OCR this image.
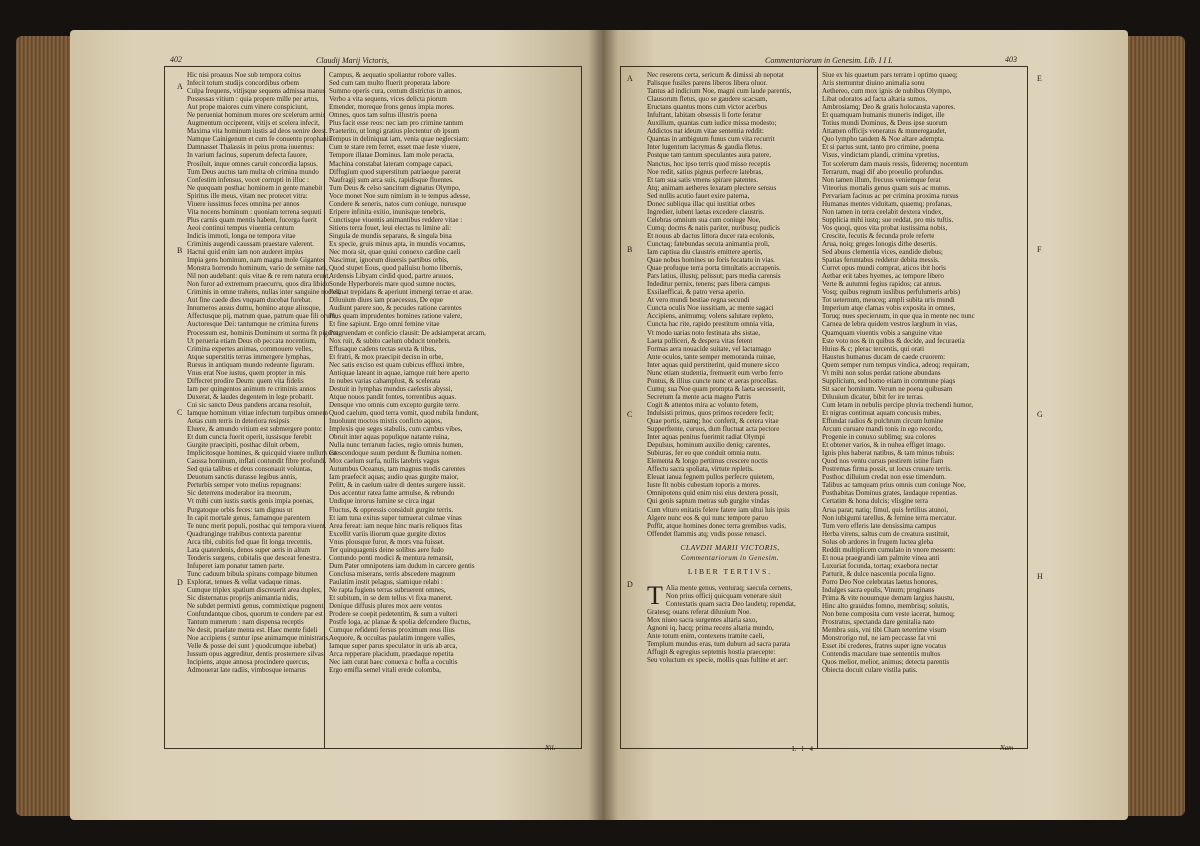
402	Claudij Marij Victoris,	Commentariorum in Genesim. Lib. I I I.	403
A
B
C
D
A
B
C
D
E
F
G
H
Hic nisi proauus Noe sub tempora coitus
Infecit totum studijs concordibus orbem
Culpa frequens, vitijsque sequens admissa manus
Possessas vitium : quia propere mille per artus,
Aut prope maiores cum vinere conspiciunt,
Ne perueniat hominum mores ore scelerum armis
Augmentum occiperent, vitijs et scelera infecit,
Maxima vita hominum iustis ad deos uenire deest.
Namque Cainigenum et cum fe conuentu prophanis
Damnasset Thalassis in peius prona iuuentus:
In varium facinus, superum defecta fauore,
Prosiluit, inque omnes caruit concordia lapsus.
Tum Deus auctus tam multa ob crimina mundo
Confestim infensus, vocet corrupti in illuc :
Ne quequam posthac hominem in gente manebit
Spiritus ille meus, vitam nec protecet vitra:
Viuere iussimus feces omnina per annos
Vita nocens hominum : quoniam terrena sequuti
Plus carnis quam mentis habent, fucerga fuerit
Aeoi continui tempus viuentia centum
Indicis immoti, longa ne tempora vitae
Criminis augendi caussam praestare valerent.
Hactui quid enim iam non auderet impius
Impia gens hominum, nam magna mole Gigantes
Monstra horrendo hominum, vario de semine nati,
Nil non audebant: quis vitae & re rem natura erunt,
Non furor ad extremum praecurru, quos dira libido
Criminis in omne trahens, nullas inter sanguine noctes,
Aut fine caede dies vnquam ducebat furebat.
Innumeros ausus dumu, homino atque aliusque,
Affectusque pij, matrum quae, patrum quae fili orum,
Auctoresque Dei: tantumque ne crimina furens
Processum est, hominis Dominum ut sorma fit pigeret,
Ut perueria etiam Deus ob peccata nocentium,
Crimina expertes animas, commouere velles,
Atque superstitis terras immergere lymphas,
Rursus in antiquam mundo redeunte figuram.
Vnus erat Noe iustus, quem propter in mis
Diffecret prodire Deum: quem vita fidelis
Iam per quingentos animum re criminis annos
Duxerat, & laudes degentem in lege probarit.
Cui sic sancto Deus pandens arcana resoluit,
Iamque hominum vitiae infectum turpibus omnem
Aetas cum terris in deteriora resipsis
Eluere, & amundo vitium est submergere ponto:
Et dum cuncta fuerit operit, iussisque ferebit
Gurgite praecipiti, posthac diluit orbem,
Implicitosque homines, & quicquid viuere nullum est
Caussa hominum, inflati contundit fibre profundi.
Sed quia talibus et deus consonauit voluntas,
Deuotum sanctis durasse legibus annis,
Perturbis semper voto melius repugnans:
Sic deterrens moderabor ira meorum,
Vt mihi cum iustis suetis genis impia poenas,
Purgatoque orbis feces: tam dignus ut
In capit mortale genus, famamque parentem
Te nunc merit populi, posthac qui tempora viuent.
Quadranginge trabibus contexta parentur
Arca tibi, cubitis fed quae fit longa trecentis,
Lata quaterdenis, denos super aeris in altum
Tenderis surgens, cubitalis que desceat fenestra.
Infuperet iam ponatur tamen parte.
Tunc caduum bibula spirans compage bitumen
Explorat, tenues & vellat vadaque rimas.
Cumque triplex spatium discreuerit area duplex,
Sic disternatus proprijs animantia nidis,
Ne subdet permixti genus, commixtique pugnent,
Confundantque cibos, quorum te condere par est
Tantum numerum : nam dispensa receptis
Ne desit, praelate menta est. Haec mente fideli
Noe accipiens ( suntur ipse animamque ministrans,
Velle & posse dei sunt ) quodcumque iubebat)
Iussum opus aggreditur, dentis prosternere silvas
Incipiens, atque annosa procindere quercus,
Admouerat late radiis, vimbosque iemarus
Campus, & aequatio spoliantur robore valles.
Sed cum tam multo fluerit properata labore
Summo operis cura, centum districtus in annos,
Verbo a vita sequens, vices delicta piorum
Emender, moreque frons genus impia mores.
Omnes, quos tam sultus illustris poena
Plus facit esse reos: nec iam pro crimine tantum
Praeterito, ut longi gratius plectentur ob ipsum
Tempus in deliniquat iam, venia quae neglecsiam:
Cum te stare rem ferret, esset mae feste viuere,
Tempore illatae Dominus. Iam mole peracta,
Machina constabat lateram compage capaci,
Diffugium quod superstitum patriaeque parerat
Naufragij sum arca suis, rapidisque fluentes.
Tum Deus & celso sancitum dignatus Olympo,
Voce monet Noe sum nimium in te tempus adesse,
Condere & seneris, natos cum coniuge, nurusque
Eripere infinita exitio, inunisque tenebris,
Cunctisque viuentis animantibus reddere vitae :
Sitiens terra fouet, leui electas tu limine ali:
Singula de mundis separans, & singula bina
Ex specie, gruis minus apta, in mundis vocamus,
Nec mora sit, quae quiui conuexo cardine caeli
Nascimur, ignorum diuersis partibus orbis,
Quod stupet Eous, quod palluisu homo libernis,
Ardensis Libyam cirdid quod, partre aruuos,
Sonde Hyperboreis mare quod sumne noctes,
Fellnat trepidans & aperiunt immergi terrae et arae.
Diluuium diues iam praecessus, De eque
Audiunt parere suo, & pecudes ratione carentes
Plus quam imprudentes homines ratione valere,
Et fine sapiunt. Ergo omni femine vitae
Pragruendam et conficio clausit: De adsiamperat arcam,
Nox ruit, & subito caelum obducit tenebris.
Effusaque cadens tectas sexta & tibus,
Et fratri, & mox praecipit decisu in orbe,
Nec satis exciso est quam cubicus effluxi imbre,
Antiquae lateant in aquae, iamque ruit here aperto
In nubes varias cahamplust, & scelerata
Destuit in lymphas mundus caelestis abyssi,
Atque nouos pandit fontes, torrentibus aquas.
Densque vno omnis cum excepto gurgite terre.
Quod caelum, quod terra vomit, quod nubila fundunt,
Inuoluunt moctos mixtis conficto aquos,
Implexis que seges stabulis, cum cambus vibes,
Obruit inter aquas populique natante ruina,
Nulla nunc terrarum facies, regio omnis humen,
Crescendoque suum perdunt & flumina nomen.
Mox caelum surfa, nullis latebris vagus
Autumbus Oceanus, tam magnus modis carentes
Iam praefecit aquas; audio quas gurgite maior,
Pelitt, & in caelum ualre di dentes surgere iussit.
Dos accentur ratea fame armulse, & rebundo
Undique inrorus lumine se circa ingat
Fluctus, & oppressis considuit gurgite terris.
Et iam tuna exitus super tumuerat culmae vinas
Area fereat: iam neque hinc maris reliquos fitas
Excellit variis iliorum quae gurgite dixtos
Vnus plousque furor, & mors vna fuisset.
Ter quinquagenis deine solibus aere fudo
Contundo ponti modici & mentura remansit,
Dum Pater omnipotens iam dudum in carcere gentis
Conclusa miserans, terris abscedere magnum
Paulatim instit pelagus, siamique relabi :
Ne rapta fugiens terras subruerent omnes,
Et subitum, in se dem tellus vi fixa maneret.
Denique diffusis plures mox aere ventos
Prodere se coepit pedetentim, & sum a vulteri
Postfe loga, ac planae & spolia defcendere fluctus,
Cumque refidenti fersus proximum reus ilius
Aequore, & occultas paulatim inngere valles,
Iamque super parus speculator in uris ab arca,
Arca repperare placidum, praedaque repetita
Nec iam curat haec conuexa c hoffa a cocultis
Ergo emifla semel vitali erede colomba,
Nec reserens certa, sericum & dimissi ab nepotat
Palisque fusiles parens liberos libera oluor.
Tantus ad indicium Noe, magni cum laude parentis,
Clausorum fletus, quo se gaudere scacsam,
Eructans quantus mons cum victor acerbus
Infultant, labitam obsessis li forte feratur
Auxilium, quantas cum iudice missa modesto;
Addictos nat ideum vitae sententia reddit:
Quantas in ambiguum funus cum vita recurrit
Inter lugentum lacrymas & gaudia fletus.
Postque tam tantum speculantes aura patere,
Nanctus, hoc ipso terris quod misso receptis
Noe redit, satius pignus perfecre latebras,
Et tam sua satis vmens spirare patentes.
Atq; animam aetheres lexatam plectere sensus
Sed nullis acutio fauet exire paterna,
Donec subliqua illac qui iustitiat orbes
Ingredier, iubent laetas excedere claustris.
Celebras omnium sua cum coniuge Noe,
Cumq; docms & natis pariter, nuribusq; pudicis
Et nouus ab dactus littora ducer rata ecolonis,
Cunctaq; fatebundas secuta animantia proli,
Iam captiua diu claustris emittere apertis,
Quae nobus homines uo foris fecatatu in vias.
Quae profuque terra porta timultatis accrapenis.
Pars latius, illustq; pelissut; pars media carensis
Indeditur pernix, tenens; pars libera campus
Exsilaefficai, & patro versa aperio.
At vero mundi bestiae regna secundi
Cuncta oculis Noe iussitiam, ac mente sagaci
Accipiens, animumq; volens salutare repleto,
Cuncta hac rite, rapido prestitum omnia vitia,
Vt modo uarias noto festinata abs sistae,
Laeta polliceri, & despera vitas fetent
Formas aera nouacide suitate, vel lactamago
Ante oculos, tante semper memoranda ruinae,
Inter aquas quid perstiterint, quid munere sicco
Nunc etiam studentia, fremuerit eum verbo ferro
Pontus, & illius cuncte nunc et aeras procellas.
Cumq; sua Noe quam prompta & laeta secesserit,
Secretum fa mente acta magno Patris
Cogit & attentos mira ac volunto fetem,
Indulsisti primus, quos primos recedere fecit;
Quae portis, namq; hoc conferit, & cetera vitae
Supperftente, curuos, dum fluctuat acta pectore
Inter aquas penitus fuerimit radiat Olympi
Depulsus, hominum auxilio deniq; carentes,
Subiuras, fer eo que conduit omnia nutu.
Elementa & longo pertimus crescere noctis
Affectu sacra spoliata, virtute repletis.
Eleuat ianua fegnem pullos perfecre quietem,
Iuste fit nobis cubestam toporis a mores.
Omnipotens quid enim nisi eius dextera possit,
Qui genis saptum metras sub gurgite vindas
Cum vlturo enitatis felere fatere iam ultui luis ipsis
Algere nunc eos & qui nunc tempore paruo
Poffit, atque homines donec terra gremibus vadis,
Offendet flammis atq; vndis posse renasci.
CLAVDII MARII VICTORIS,
Commentariorum in Genesim.
LIBER TERTIVS.
T Alia mente genus, venturaq; saecula cernens,
Non prius officij quicquam venerare siuit
Contestatis quam sacra Deo laudetq; rependat,
Gratesq; ouans referat diluuium Noe.
Mox niueo sacra surgentes altaria saxo,
Agnoni iq, hacq; prima recens altaria mundo,
Ante totum enim, contexens tramite caeli,
Templum mundus eras, tum duburn ad sacra parata
Affugit & egregius septemis hostia praecepte:
Seu voluctum ex specie, mollis quas fultine et aer:
Siue ex his quaetum pars terram i optimo quaeq;
Aris sternuntur diuino animalia sonu
Aethereo, cum mox ignis de nubibus Olympo,
Libat odoratos ad facta altaria sumos,
Ambrosiamq; Deo & gratis holocausta vapores.
Et quamquam humanis muneris indiget, ille
Totius mundi Dominus, & Deus ipse suorum
Attamen officijs veneratus & muneregaudet,
Quo lympho tandem & Noe altare adempta.
Et si partus sunt, tanto pro crimine, poena
Visus, vindictam plandi, crimina vpretius,
Tot scelerum dam mauis ressis, fideremq; nocentum
Terrarum, magi dif abo proeulio profundus.
Non tamen illum, frecuus veniemque ferat
Viteorius mortalis genus quam suis ac munus.
Pervariam facinus ac per crimina proxima rursus
Humanas mentes viduitam, quaemq; profanas,
Non tamen in terra ceelabit dextera vindex,
Supplicia mihi iustq; sue reddat, pro mis tuftis.
Vos quoqi, quos vita probat iustissima nobis,
Crescite, fecutis & fecunda prole referte
Arua, noiq; greges lonogis dithe desertis.
Sed abuus clementia vices, eandide diebus;
Spatias feruntabus reddetur debita messis.
Curret opus mundi comprat, aticos ibit horis
Aetbar erit tabes hyemes, ac tempore libero
Verte & autumni fegius rapidos; cat annus.
Vosq; quibus regnum iuslibus perfulumeris arbis)
Tot ueternum, meuceq; ampli subita uris mundi
Imperium atqe clamas vobis exposita in omnes,
Toruq; nues specieruum, in que qua in mente nec nunc
Carnea de lebra quidem vestros larghum in vias,
Quamquam viuentis vobis a sanguine vitae
Este voto nos & in quibus & decide, aud fecuraetia
Huius & c; plerac tercentis, qui orati
Haustus humanus ducam de caede cruorem:
Quem semper rum tempus vindica, adeoq; requiram,
Vt mihi non solus perdat ratione abundans
Supplicium, sed homo etiam in commune piaqs
Sit sacer hominum. Verum ne poena quibusam
Diluuium dicatur, bibit fer ire terras.
Cum letam in nebulis percipe pluvia trechendi humor,
Et nigras continuat aquam concusis nubes,
Effundat radios & pulchrum circum lumine
Arcum curuare mandi tonis in ego recordo,
Progenie in conuxo sublimq; sua colores
Et obtener varios, & in nuhea effiget imago.
Ignis plus haberat natibus, & tam minus tubuis:
Quod nos ventu cursus pestirem istine fiam
Postremas firma possit, ut locus cruuare terris.
Posthoc dilluium credat non esse timendum.
Talibus ac tamquam prius omnis cum coniuge Noe,
Posthabitas Dominus grates, laudaque repentias.
Certatim & hona dulcis; vlisgine terra
Arua parat; natiq; fimul, quis fertilius atunoi,
Non iubigumi tarellus, & femine terra mercatur.
Tum vero efferis late densissima campus
Herba virens, saltus cum de creatura sustituit,
Solus ob ardores in frugem luctea gleba
Reddit multiplicem cumulato in vnore messem:
Et noua praegrandi iam palmite vinea anti
Luxuriat focunda, tortaq; exaebora nectar
Parturit, & dulce nascentia pocula ligno.
Porro Deo Noe celebratas laetus honores,
Indulges sacra epulis, Vinum; proginans
Prima & vite nouumque demam largius haustu,
Hinc alto grauidus fomno, membrisq; solutis,
Non bene composita cum veste iacerat, humoq;
Prostratus, spectanda dare genitalia nato
Membra suis, vni tibi Cham teterrime visum
Monstrorigo nul, ne iam peccasse fat vni
Esset ibi crederes, fratres super igne vocatus
Contendis maculare tuae sententiis multos
Quos melior, melior, animus; detecta parentis
Obiecta docuit culare vistila patis.
Nil.	L l 4	Nam
